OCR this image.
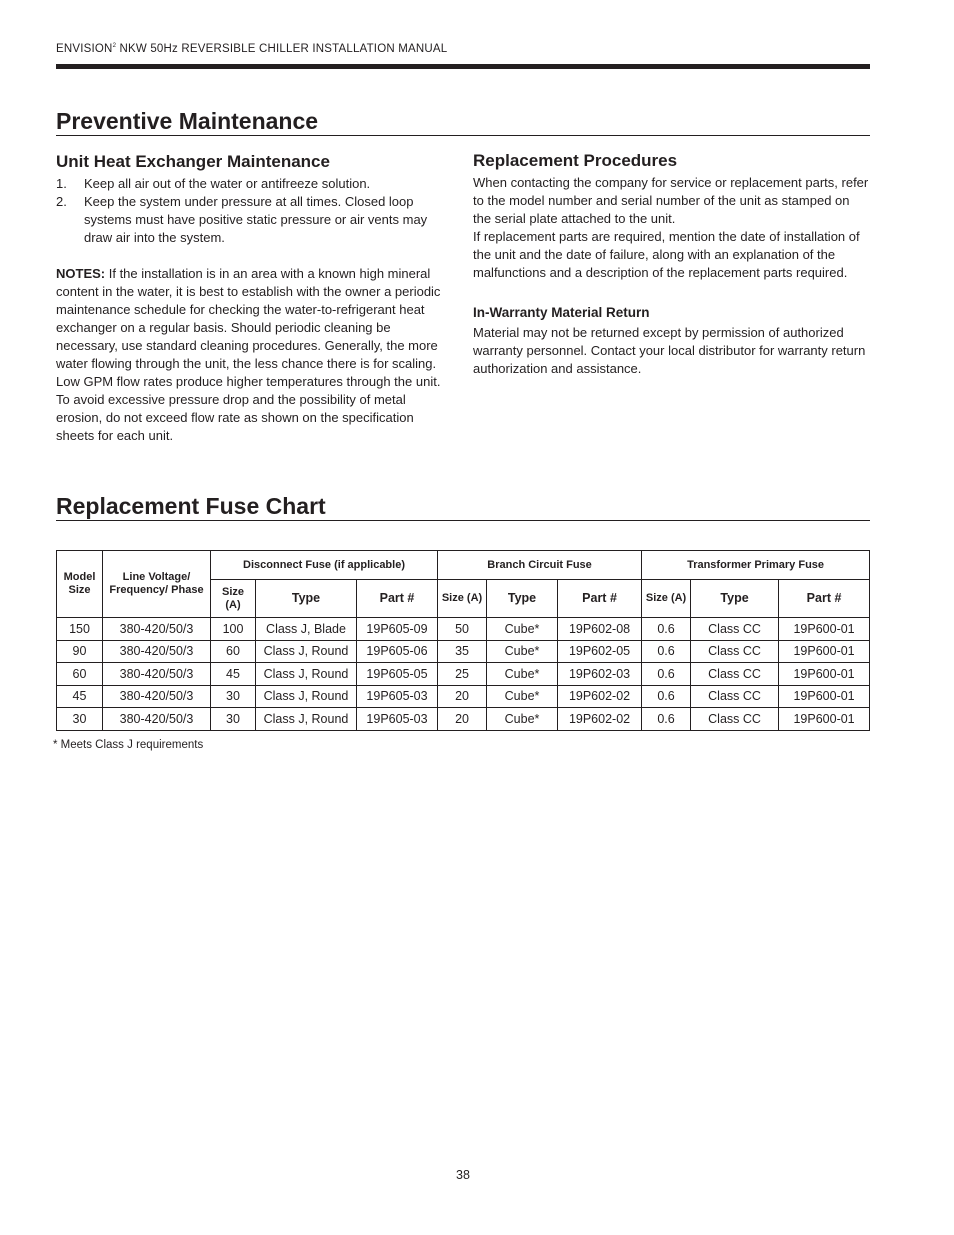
ENVISION$^2$ NKW 50Hz REVERSIBLE CHILLER INSTALLATION MANUAL
Preventive Maintenance
Unit Heat Exchanger Maintenance
1.	Keep all air out of the water or antifreeze solution.
2.	Keep the system under pressure at all times. Closed loop systems must have positive static pressure or air vents may draw air into the system.

NOTES: If the installation is in an area with a known high mineral content in the water, it is best to establish with the owner a periodic maintenance schedule for checking the water-to-refrigerant heat exchanger on a regular basis. Should periodic cleaning be necessary, use standard cleaning procedures. Generally, the more water flowing through the unit, the less chance there is for scaling. Low GPM flow rates produce higher temperatures through the unit. To avoid excessive pressure drop and the possibility of metal erosion, do not exceed flow rate as shown on the specification sheets for each unit.

Replacement Procedures

When contacting the company for service or replacement parts, refer to the model number and serial number of the unit as stamped on the serial plate attached to the unit.

If replacement parts are required, mention the date of installation of the unit and the date of failure, along with an explanation of the malfunctions and a description of the replacement parts required.

In-Warranty Material Return

Material may not be returned except by permission of authorized warranty personnel. Contact your local distributor for warranty return authorization and assistance.

Replacement Fuse Chart
Model Size	Line Voltage/ Frequency/ Phase	Disconnect Fuse (if applicable)			Branch Circuit Fuse			Transformer Primary Fuse		
		Size (A)	Type	Part #	Size (A)	Type	Part #	Size (A)	Type	Part #
150	380-420/50/3	100	Class J, Blade	19P605-09	50	Cube*	19P602-08	0.6	Class CC	19P600-01
90	380-420/50/3	60	Class J, Round	19P605-06	35	Cube*	19P602-05	0.6	Class CC	19P600-01
60	380-420/50/3	45	Class J, Round	19P605-05	25	Cube*	19P602-03	0.6	Class CC	19P600-01
45	380-420/50/3	30	Class J, Round	19P605-03	20	Cube*	19P602-02	0.6	Class CC	19P600-01
30	380-420/50/3	30	Class J, Round	19P605-03	20	Cube*	19P602-02	0.6	Class CC	19P600-01
* Meets Class J requirements
38
